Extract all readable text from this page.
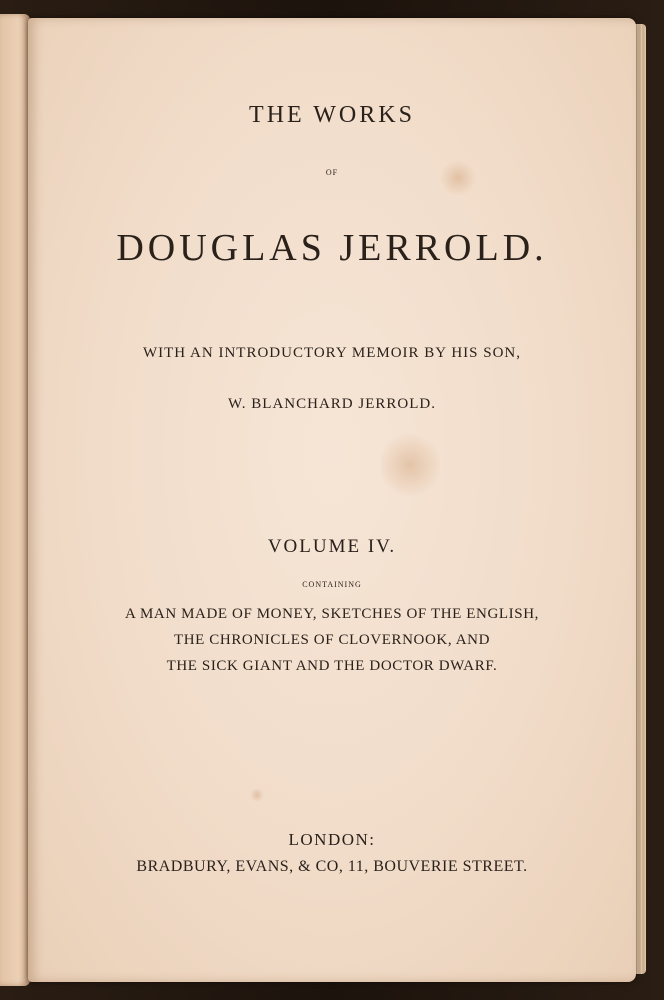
THE WORKS
OF
DOUGLAS JERROLD.
WITH AN INTRODUCTORY MEMOIR BY HIS SON,
W. BLANCHARD JERROLD.
VOLUME IV.
CONTAINING
A MAN MADE OF MONEY, SKETCHES OF THE ENGLISH,
THE CHRONICLES OF CLOVERNOOK, AND
THE SICK GIANT AND THE DOCTOR DWARF.
LONDON:
BRADBURY, EVANS, & CO, 11, BOUVERIE STREET.
